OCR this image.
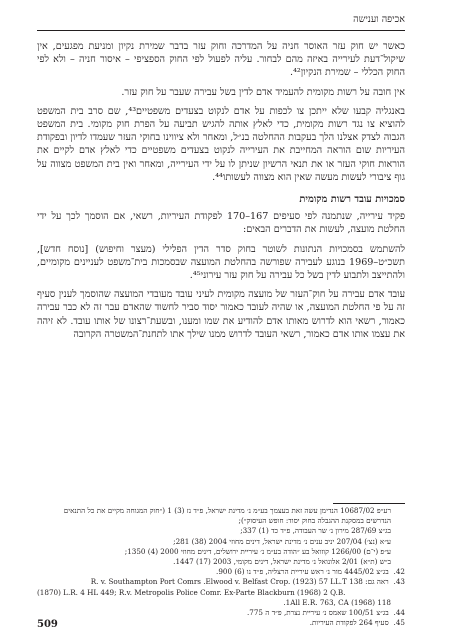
אכיפה וענישה

כאשר יש חוק עזר האוסר חניה על המדרכה וחוק עזר בדבר שמירת נקיון ומניעת מפגעים, אין שיקול־דעת לעירייה באיזה מהם לבחור. עליה לפעול לפי החוק הספציפי – איסור חניה – ולא לפי החוק הכללי – שמירת הנקיון⁴².

אין חובה על רשות מקומית להעמיד אדם לדין בשל עבירה שעבר על חוק עזר.

באנגליה קבעו שלא ייתכן צו לכפות על אדם לנקוט בצעדים משפטיים⁴³, שם סרב בית המשפט להוציא צו נגד רשות מקומית, כדי לאלץ אותה להגיש תביעה על הפרת חוק מקומי. בית המשפט הגבוה לצדק אצלנו הלך בעקבות ההחלטה בנ״ל, ומאחר ולא ציווינו בחוקי העזר שעמדו לדיון ובפקודת העיריות שום הוראה המחייבת את העירייה לנקוט בצעדים משפטיים כדי לאלץ אדם לקיים את הוראות חוקי העזר או את תנאי הרשיון שניתן לו על ידי העירייה, ומאחר ואין בית המשפט מצווה על גוף ציבורי לעשות מעשה שאין הוא מצווה לעשותו⁴⁴.

סמכויות עובד רשות מקומית

פקיד עירייה, שנתמנה לפי סעיפים 167–170 לפקודת העיריות, רשאי, אם הוסמך לכך על ידי החלטת מועצה, לעשות את הדברים הבאים:

להשתמש בסמכויות הנתונות לשוטר בחוק סדר הדין הפלילי (מעצר וחיפוש) [נוסח חדש], תשכ״ט–1969 בנוגע לעבירה שפורשה בהחלטת המועצה שבסמכות בית־משפט לעניינים מקומיים, ולהתייצב ולתבוע לדין בשל כל עבירה על חוק עזר עירוני⁴⁵.

עובד אדם עבירה על חוק־העזר של מועצה מקומית לעיני עובד מעובדי המועצה שהוסמך לענין סעיף זה על פי החלטת המועצה, או שהיה לעובד כאמור יסוד סביר לחשוד שהאדם עבר זה לא כבר עבירה כאמור, רשאי הוא לדרוש מאותו אדם להודיע את שמו ומענו, ובשעת־רצונו של אותו עובד. לא זיהה את עצמו אותו אדם כאמור, רשאי העובד לדרוש ממנו שילך אתו לתחנת־המשטרה הקרובה

רע״פ 10687/02 הנדימן עשה זאת בעצמך בע״מ נ׳ מדינת ישראל, פ״ד נז (3) 1 (״חוק המגוחה מקיים את כל התנאים הנדרשים במסקנת ההגבלה בחוק יסוד: חופש העיסוק״);

בג״צ 287/69 מירון נ׳ שר העבודה, פ״ד כד (1) 337;

ע״א (נצ׳) 207/04 יניב ענים נ׳ מדינת ישראל, דינים מחוזי 2004 (38) 281;

ע״פ (י־ם) 1266/00 קוזואל בע ״הודה בע״מ נ׳ עיריית ירושלים, דינים מחוזי 2000 (4) 1350;

ב״ש (ת״א) 2/01 אלונואל נ׳ מדינת ישראל, דינים מקומי, 2003 (17) 1447.

42. בג״צ 4445/02 מור נ׳ ראש עיריית הרצליה, פ״ד נו (6) 900.

43. ראה גם: R. v. Southampton Port Comrs .Elwood v. Belfast Crop. (1923) 57 LL.T 138

(1870) L.R. 4 HL 449; R.v. Metropolis Police Comr. Ex-Parte Blackburn (1968) 2 Q.B.

118 (1968) 1All E.R. 763, CA.

44. בג״צ 100/51 שאמס נ׳ עיריית נצרת, פ״ד ה 775.

45. סעיף 264 לפקודת העיריות.

509
